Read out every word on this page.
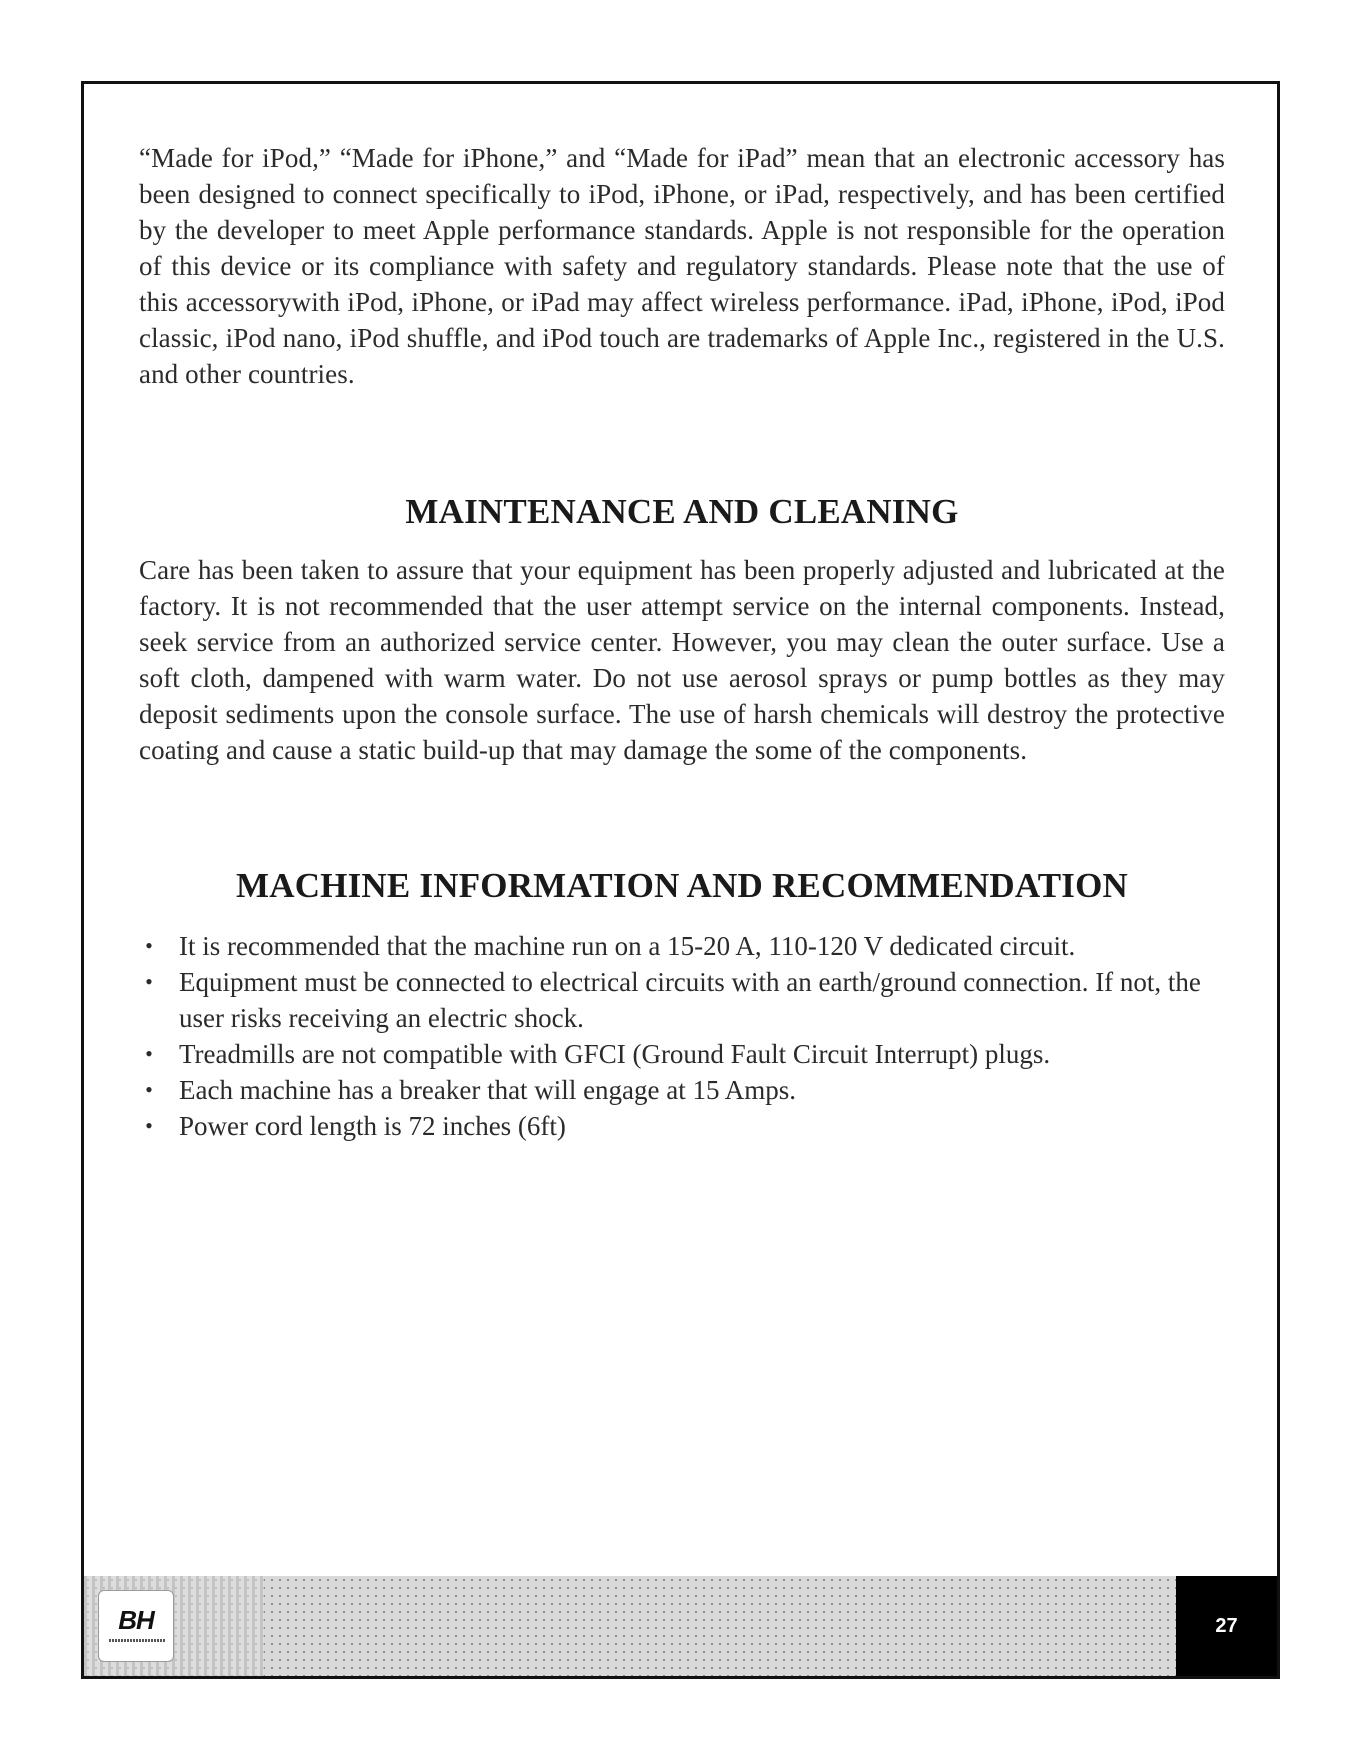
“Made for iPod,” “Made for iPhone,” and “Made for iPad” mean that an electronic accessory has been designed to connect specifically to iPod, iPhone, or iPad, respectively, and has been certified by the developer to meet Apple performance standards. Apple is not responsible for the operation of this device or its compliance with safety and regulatory standards. Please note that the use of this accessorywith iPod, iPhone, or iPad may affect wireless performance. iPad, iPhone, iPod, iPod classic, iPod nano, iPod shuffle, and iPod touch are trademarks of Apple Inc., registered in the U.S. and other countries.

MAINTENANCE AND CLEANING

Care has been taken to assure that your equipment has been properly adjusted and lubricated at the factory. It is not recommended that the user attempt service on the internal components. Instead, seek service from an authorized service center. However, you may clean the outer surface. Use a soft cloth, dampened with warm water. Do not use aerosol sprays or pump bottles as they may deposit sediments upon the console surface. The use of harsh chemicals will destroy the protective coating and cause a static build-up that may damage the some of the components.

MACHINE INFORMATION AND RECOMMENDATION
• It is recommended that the machine run on a 15-20 A, 110-120 V dedicated circuit.
• Equipment must be connected to electrical circuits with an earth/ground connection. If not, the user risks receiving an electric shock.
• Treadmills are not compatible with GFCI (Ground Fault Circuit Interrupt) plugs.
• Each machine has a breaker that will engage at 15 Amps.
• Power cord length is 72 inches (6ft)
BH	27
